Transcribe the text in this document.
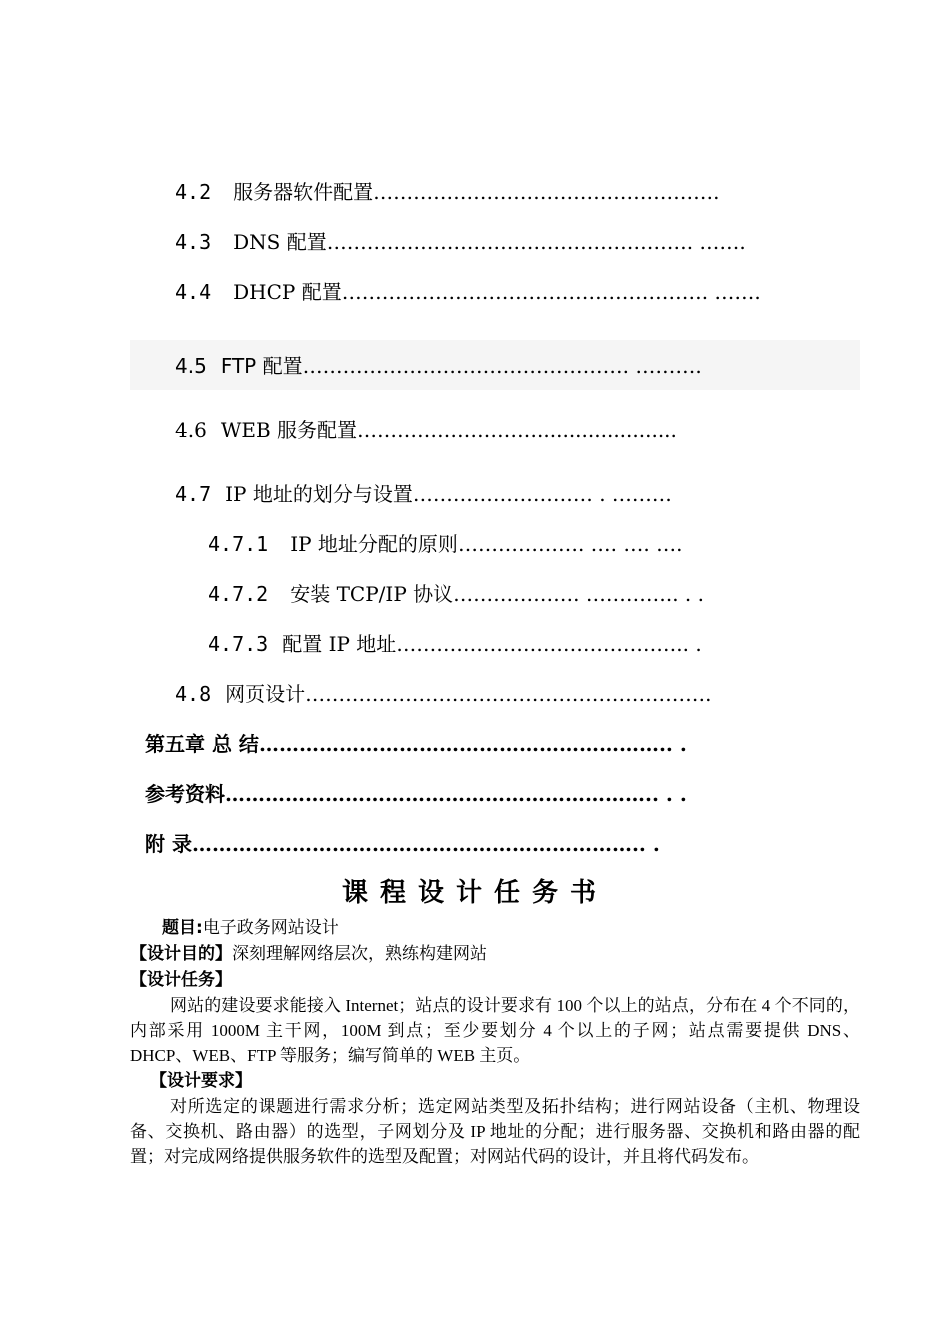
4.2 服务器软件配置…………………………………………….
4.3 DNS 配置………………………………………………. …….
4.4 DHCP 配置………………………………………………. …….
4.5 FTP 配置…………………………………………. ……….
4.6 WEB 服务配置………………………......................
4.7 IP 地址的划分与设置……………………… . ………
4.7.1 IP 地址分配的原则………………. …. …. ….
4.7.2 安装 TCP/IP 协议………………. ………….. . .
4.7.3 配置 IP 地址…………………………………….. .
4.8 网页设计…………………………………………………….
第五章 总 结…………………………………………………….. .
参考资料……………………………………………………….. . .
附 录………………………………………………………….. .
课程设计任务书
题目:电子政务网站设计
【设计目的】深刻理解网络层次，熟练构建网站
【设计任务】

网站的建设要求能接入 Internet；站点的设计要求有 100 个以上的站点，分布在 4 个不同的，内部采用 1000M 主干网，100M 到点；至少要划分 4 个以上的子网；站点需要提供 DNS、DHCP、WEB、FTP 等服务；编写简单的 WEB 主页。

【设计要求】

对所选定的课题进行需求分析；选定网站类型及拓扑结构；进行网站设备（主机、物理设备、交换机、路由器）的选型，子网划分及 IP 地址的分配；进行服务器、交换机和路由器的配置；对完成网络提供服务软件的选型及配置；对网站代码的设计，并且将代码发布。
